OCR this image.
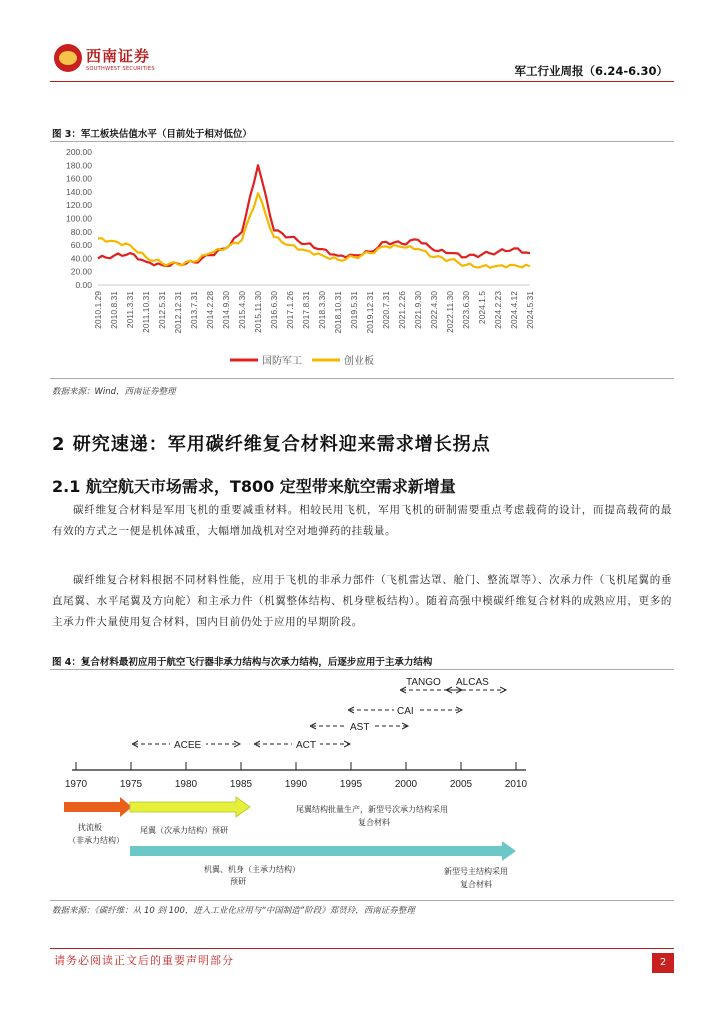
西南证券
SOUTHWEST SECURITIES	军工行业周报（6.24-6.30）
图 3：军工板块估值水平（目前处于相对低位）
0.00
20.00
40.00
60.00
80.00
100.00
120.00
140.00
160.00
180.00
200.00
2010.1.29 2010.8.31 2011.3.31 2011.10.31 2012.5.31 2012.12.31 2013.7.31 2014.2.28 2014.9.30 2015.4.30 2015.11.30 2016.6.30 2017.1.26 2017.8.31 2018.3.30 2018.10.31 2019.5.31 2019.12.31 2020.7.31 2021.2.26 2021.9.30 2022.4.30 2022.11.30 2023.6.30 2024.1.5 2024.2.23 2024.4.12 2024.5.31
国防军工	创业板
数据来源：Wind，西南证券整理
2 研究速递：军用碳纤维复合材料迎来需求增长拐点
2.1 航空航天市场需求，T800 定型带来航空需求新增量
碳纤维复合材料是军用飞机的重要减重材料。相较民用飞机，军用飞机的研制需要重点考虑载荷的设计，而提高载荷的最有效的方式之一便是机体减重，大幅增加战机对空对地弹药的挂载量。
碳纤维复合材料根据不同材料性能，应用于飞机的非承力部件（飞机雷达罩、舱门、整流罩等）、次承力件（飞机尾翼的垂直尾翼、水平尾翼及方向舵）和主承力件（机翼整体结构、机身壁板结构）。随着高强中模碳纤维复合材料的成熟应用，更多的主承力件大量使用复合材料，国内目前仍处于应用的早期阶段。
图 4：复合材料最初应用于航空飞行器非承力结构与次承力结构，后逐步应用于主承力结构
ACEE	ACT
AST
CAI
TANGO ALCAS
1970	1975	1980	1985	1990	1995	2000	2005	2010
扰流板
（非承力结构）
尾翼（次承力结构）预研
机翼、机身（主承力结构）
预研
尾翼结构批量生产，新型号次承力结构采用
复合材料
新型号主结构采用
复合材料
数据来源：《碳纤维：从 10 到 100，进入工业化应用与“中国制造”阶段》郑贤玲，西南证券整理
请务必阅读正文后的重要声明部分	2
